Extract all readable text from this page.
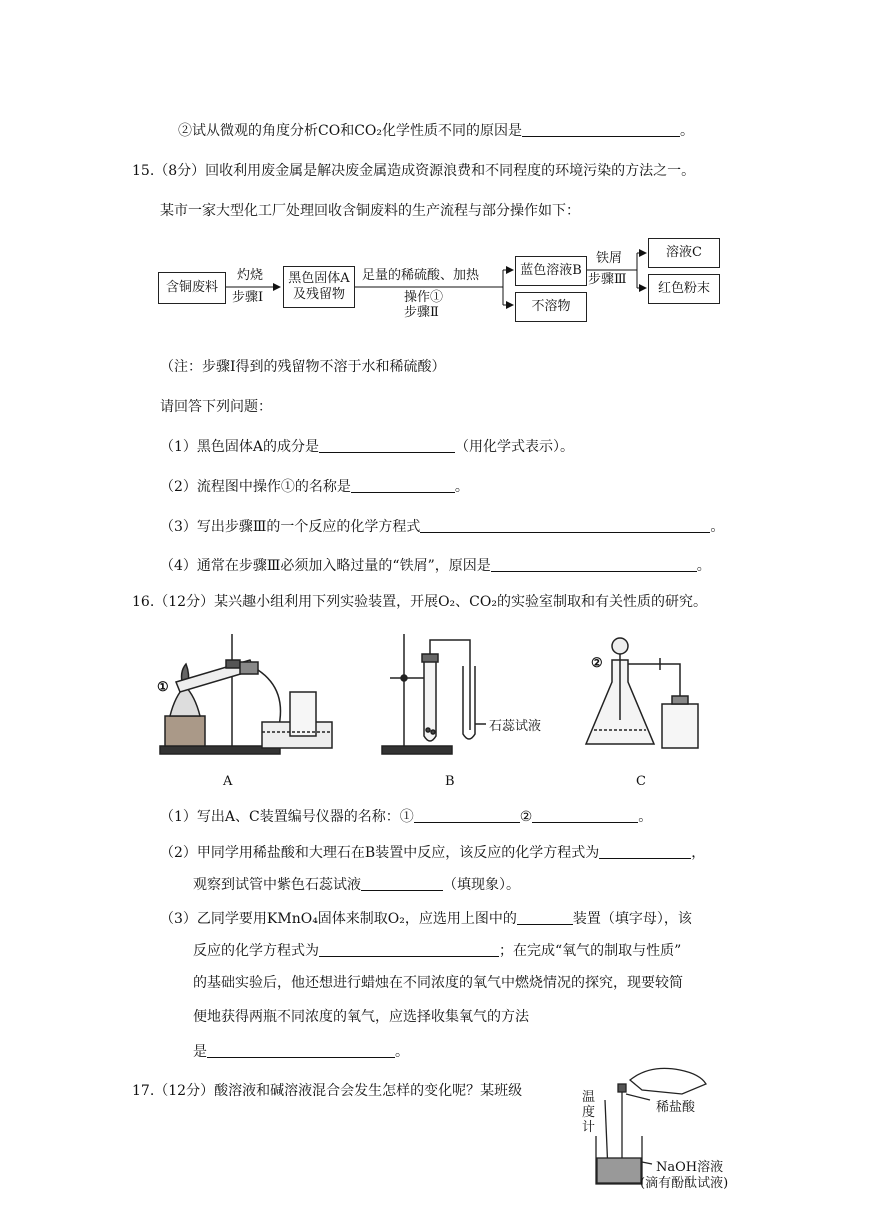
②试从微观的角度分析CO和CO₂化学性质不同的原因是	。
15.（8分）回收利用废金属是解决废金属造成资源浪费和不同程度的环境污染的方法之一。
某市一家大型化工厂处理回收含铜废料的生产流程与部分操作如下：
含铜废料
灼烧
步骤Ⅰ
黑色固体A
及残留物
足量的稀硫酸、加热
操作①
步骤Ⅱ
蓝色溶液B
不溶物
铁屑
步骤Ⅲ
溶液C
红色粉末
（注：步骤Ⅰ得到的残留物不溶于水和稀硫酸）
请回答下列问题：
（1）黑色固体A的成分是	（用化学式表示）。
（2）流程图中操作①的名称是	。
（3）写出步骤Ⅲ的一个反应的化学方程式	。
（4）通常在步骤Ⅲ必须加入略过量的“铁屑”，原因是	。
16.（12分）某兴趣小组利用下列实验装置，开展O₂、CO₂的实验室制取和有关性质的研究。
①
②
石蕊试液
A	B	C
（1）写出A、C装置编号仪器的名称：①	②	。
（2）甲同学用稀盐酸和大理石在B装置中反应，该反应的化学方程式为	，
观察到试管中紫色石蕊试液	（填现象）。
（3）乙同学要用KMnO₄固体来制取O₂，应选用上图中的	装置（填字母），该
反应的化学方程式为	；在完成“氧气的制取与性质”
的基础实验后，他还想进行蜡烛在不同浓度的氧气中燃烧情况的探究，现要较简
便地获得两瓶不同浓度的氧气，应选择收集氧气的方法
是	。
17.（12分）酸溶液和碱溶液混合会发生怎样的变化呢？某班级	温
度
计
稀盐酸
NaOH溶液
(滴有酚酞试液)
